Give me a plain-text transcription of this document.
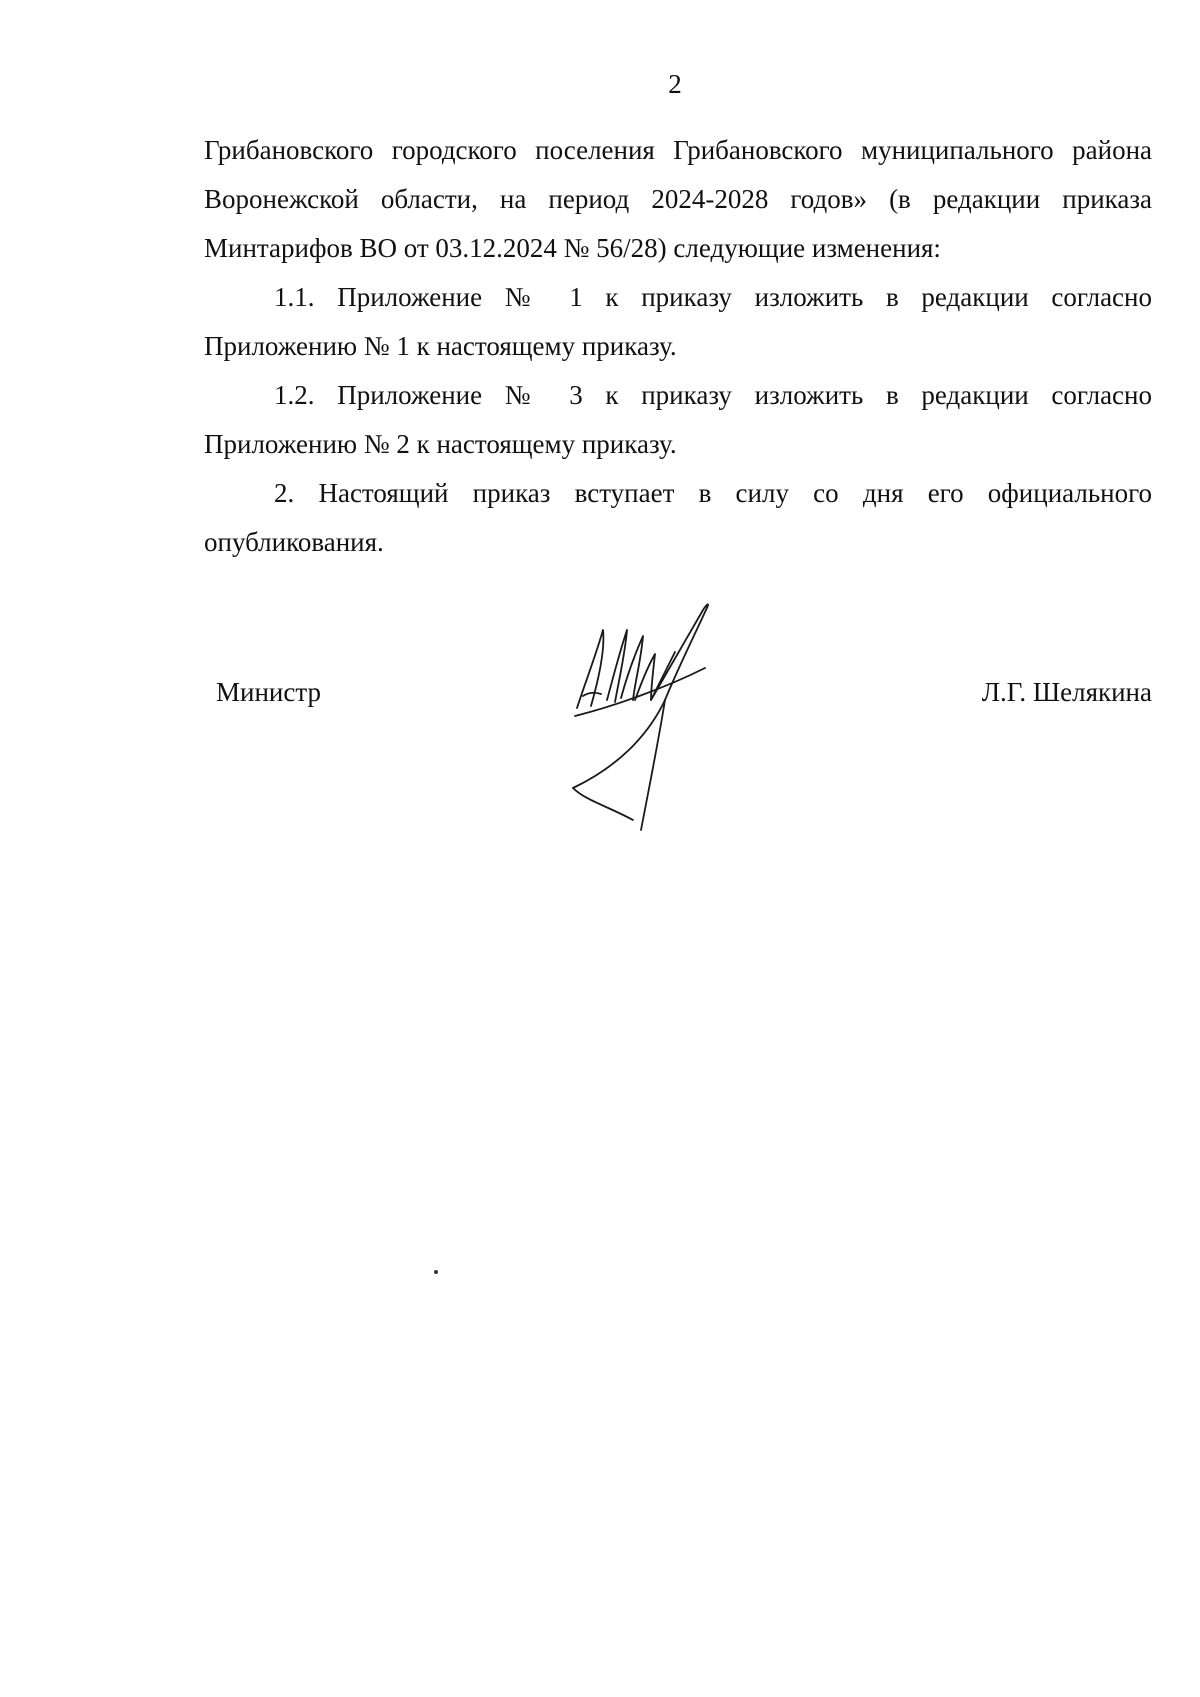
2

Грибановского городского поселения Грибановского муниципального района Воронежской области, на период 2024-2028 годов» (в редакции приказа Минтарифов ВО от 03.12.2024 № 56/28) следующие изменения:

1.1. Приложение № 1 к приказу изложить в редакции согласно Приложению № 1 к настоящему приказу.

1.2. Приложение № 3 к приказу изложить в редакции согласно Приложению № 2 к настоящему приказу.

2. Настоящий приказ вступает в силу со дня его официального опубликования.

Министр	Л.Г. Шелякина
